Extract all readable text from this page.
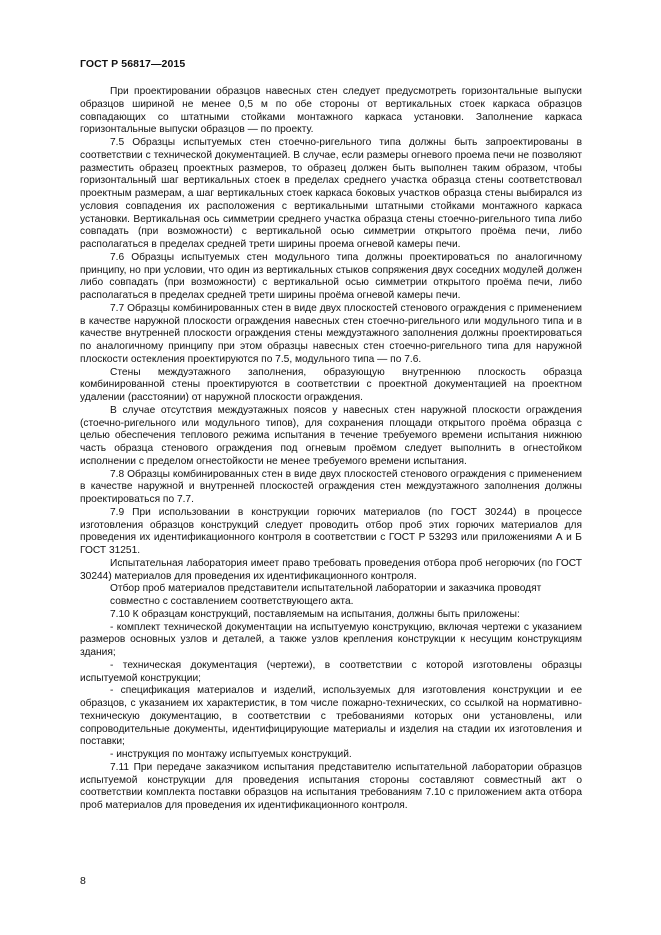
ГОСТ Р 56817—2015

При проектировании образцов навесных стен следует предусмотреть горизонтальные выпуски образцов шириной не менее 0,5 м по обе стороны от вертикальных стоек каркаса образцов совпадающих со штатными стойками монтажного каркаса установки. Заполнение каркаса горизонтальные выпуски образцов — по проекту.

7.5 Образцы испытуемых стен стоечно-ригельного типа должны быть запроектированы в соответствии с технической документацией. В случае, если размеры огневого проема печи не позволяют разместить образец проектных размеров, то образец должен быть выполнен таким образом, чтобы горизонтальный шаг вертикальных стоек в пределах среднего участка образца стены соответствовал проектным размерам, а шаг вертикальных стоек каркаса боковых участков образца стены выбирался из условия совпадения их расположения с вертикальными штатными стойками монтажного каркаса установки. Вертикальная ось симметрии среднего участка образца стены стоечно-ригельного типа либо совпадать (при возможности) с вертикальной осью симметрии открытого проёма печи, либо располагаться в пределах средней трети ширины проема огневой камеры печи.

7.6 Образцы испытуемых стен модульного типа должны проектироваться по аналогичному принципу, но при условии, что один из вертикальных стыков сопряжения двух соседних модулей должен либо совпадать (при возможности) с вертикальной осью симметрии открытого проёма печи, либо располагаться в пределах средней трети ширины проёма огневой камеры печи.

7.7 Образцы комбинированных стен в виде двух плоскостей стенового ограждения с применением в качестве наружной плоскости ограждения навесных стен стоечно-ригельного или модульного типа и в качестве внутренней плоскости ограждения стены междуэтажного заполнения должны проектироваться по аналогичному принципу при этом образцы навесных стен стоечно-ригельного типа для наружной плоскости остекления проектируются по 7.5, модульного типа — по 7.6.

Стены междуэтажного заполнения, образующую внутреннюю плоскость образца комбинированной стены проектируются в соответствии с проектной документацией на проектном удалении (расстоянии) от наружной плоскости ограждения.

В случае отсутствия междуэтажных поясов у навесных стен наружной плоскости ограждения (стоечно-ригельного или модульного типов), для сохранения площади открытого проёма образца с целью обеспечения теплового режима испытания в течение требуемого времени испытания нижнюю часть образца стенового ограждения под огневым проёмом следует выполнить в огнестойком исполнении с пределом огнестойкости не менее требуемого времени испытания.

7.8 Образцы комбинированных стен в виде двух плоскостей стенового ограждения с применением в качестве наружной и внутренней плоскостей ограждения стен междуэтажного заполнения должны проектироваться по 7.7.

7.9 При использовании в конструкции горючих материалов (по ГОСТ 30244) в процессе изготовления образцов конструкций следует проводить отбор проб этих горючих материалов для проведения их идентификационного контроля в соответствии с ГОСТ Р 53293 или приложениями А и Б ГОСТ 31251.

Испытательная лаборатория имеет право требовать проведения отбора проб негорючих (по ГОСТ 30244) материалов для проведения их идентификационного контроля.

Отбор проб материалов представители испытательной лаборатории и заказчика проводят

совместно с составлением соответствующего акта.

7.10 К образцам конструкций, поставляемым на испытания, должны быть приложены:

- комплект технической документации на испытуемую конструкцию, включая чертежи с указанием размеров основных узлов и деталей, а также узлов крепления конструкции к несущим конструкциям здания;

- техническая документация (чертежи), в соответствии с которой изготовлены образцы испытуемой конструкции;

- спецификация материалов и изделий, используемых для изготовления конструкции и ее образцов, с указанием их характеристик, в том числе пожарно-технических, со ссылкой на нормативно-техническую документацию, в соответствии с требованиями которых они установлены, или сопроводительные документы, идентифицирующие материалы и изделия на стадии их изготовления и поставки;

- инструкция по монтажу испытуемых конструкций.

7.11 При передаче заказчиком испытания представителю испытательной лаборатории образцов испытуемой конструкции для проведения испытания стороны составляют совместный акт о соответствии комплекта поставки образцов на испытания требованиям 7.10 с приложением акта отбора проб материалов для проведения их идентификационного контроля.

8
